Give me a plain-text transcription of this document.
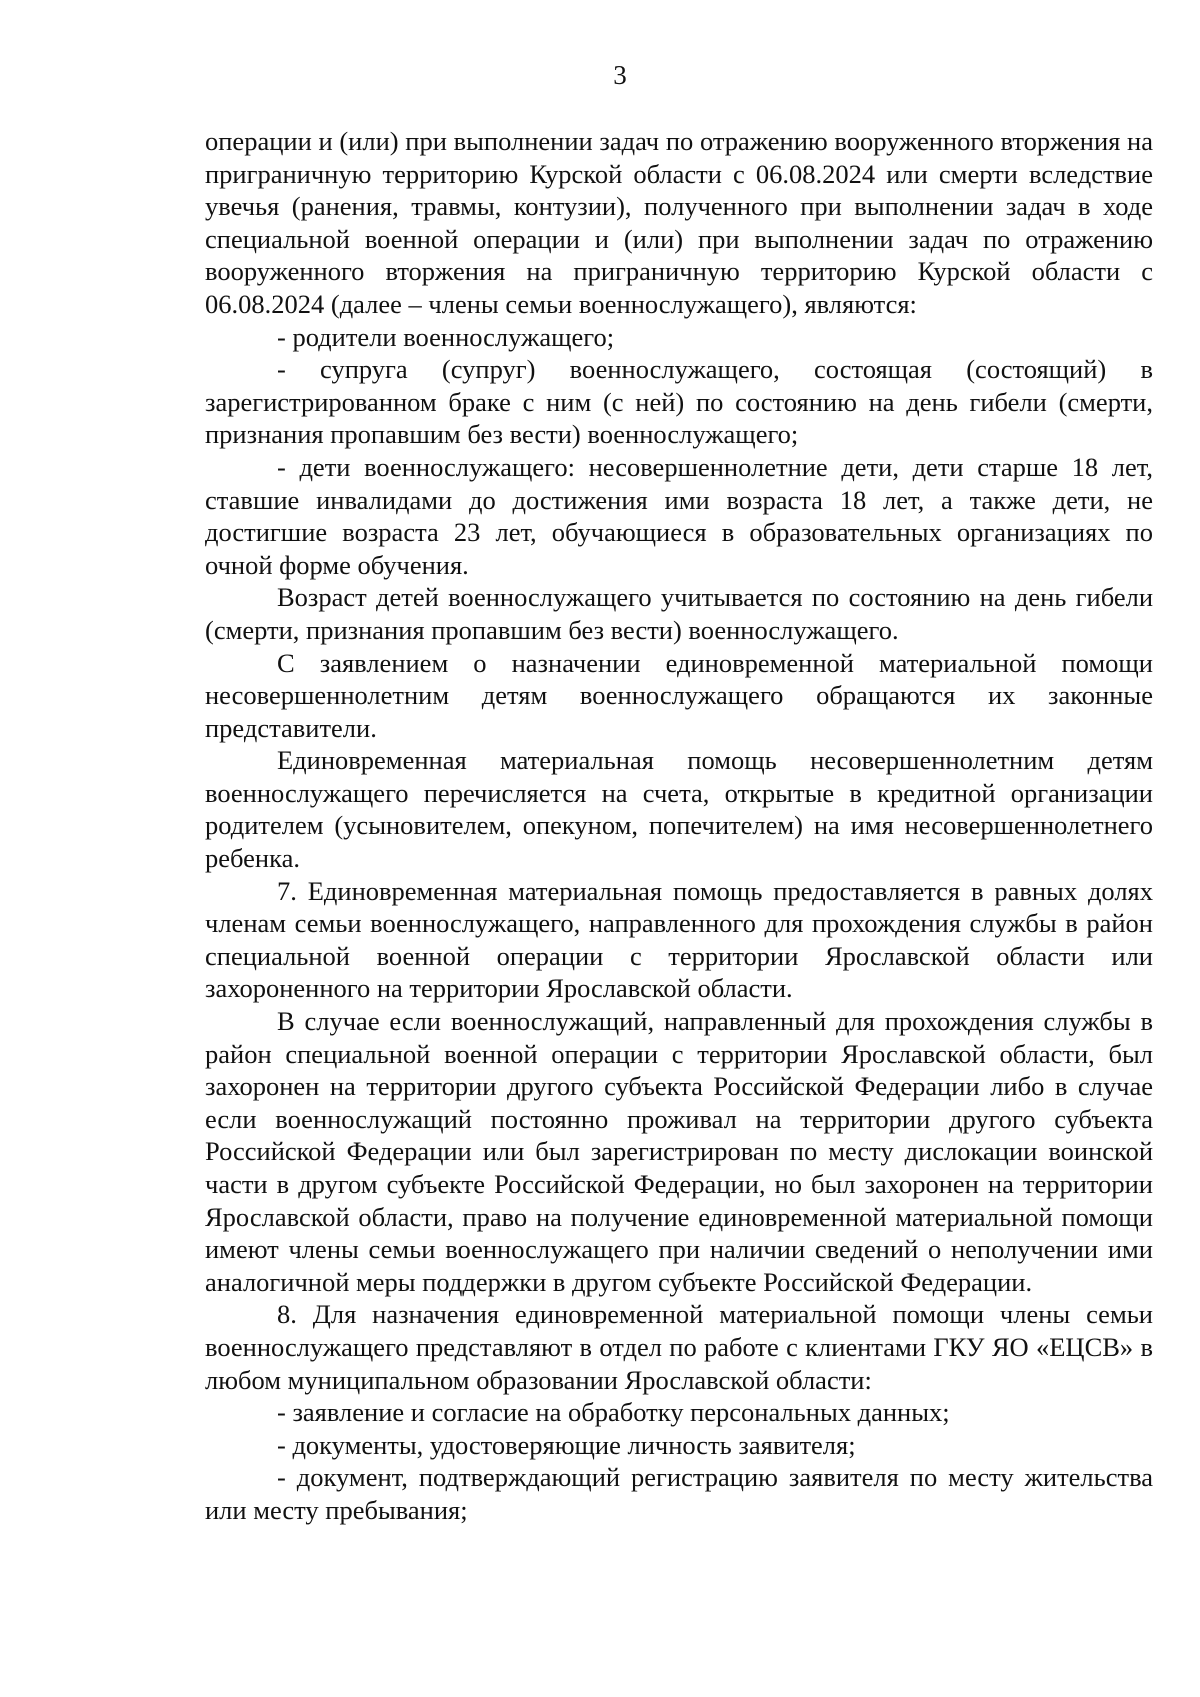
3

операции и (или) при выполнении задач по отражению вооруженного вторжения на приграничную территорию Курской области с 06.08.2024 или смерти вследствие увечья (ранения, травмы, контузии), полученного при выполнении задач в ходе специальной военной операции и (или) при выполнении задач по отражению вооруженного вторжения на приграничную территорию Курской области с 06.08.2024 (далее – члены семьи военнослужащего), являются:

- родители военнослужащего;

- супруга (супруг) военнослужащего, состоящая (состоящий) в зарегистрированном браке с ним (с ней) по состоянию на день гибели (смерти, признания пропавшим без вести) военнослужащего;

- дети военнослужащего: несовершеннолетние дети, дети старше 18 лет, ставшие инвалидами до достижения ими возраста 18 лет, а также дети, не достигшие возраста 23 лет, обучающиеся в образовательных организациях по очной форме обучения.

Возраст детей военнослужащего учитывается по состоянию на день гибели (смерти, признания пропавшим без вести) военнослужащего.

С заявлением о назначении единовременной материальной помощи несовершеннолетним детям военнослужащего обращаются их законные представители.

Единовременная материальная помощь несовершеннолетним детям военнослужащего перечисляется на счета, открытые в кредитной организации родителем (усыновителем, опекуном, попечителем) на имя несовершеннолетнего ребенка.

7. Единовременная материальная помощь предоставляется в равных долях членам семьи военнослужащего, направленного для прохождения службы в район специальной военной операции с территории Ярославской области или захороненного на территории Ярославской области.

В случае если военнослужащий, направленный для прохождения службы в район специальной военной операции с территории Ярославской области, был захоронен на территории другого субъекта Российской Федерации либо в случае если военнослужащий постоянно проживал на территории другого субъекта Российской Федерации или был зарегистрирован по месту дислокации воинской части в другом субъекте Российской Федерации, но был захоронен на территории Ярославской области, право на получение единовременной материальной помощи имеют члены семьи военнослужащего при наличии сведений о неполучении ими аналогичной меры поддержки в другом субъекте Российской Федерации.

8. Для назначения единовременной материальной помощи члены семьи военнослужащего представляют в отдел по работе с клиентами ГКУ ЯО «ЕЦСВ» в любом муниципальном образовании Ярославской области:

- заявление и согласие на обработку персональных данных;

- документы, удостоверяющие личность заявителя;

- документ, подтверждающий регистрацию заявителя по месту жительства или месту пребывания;
